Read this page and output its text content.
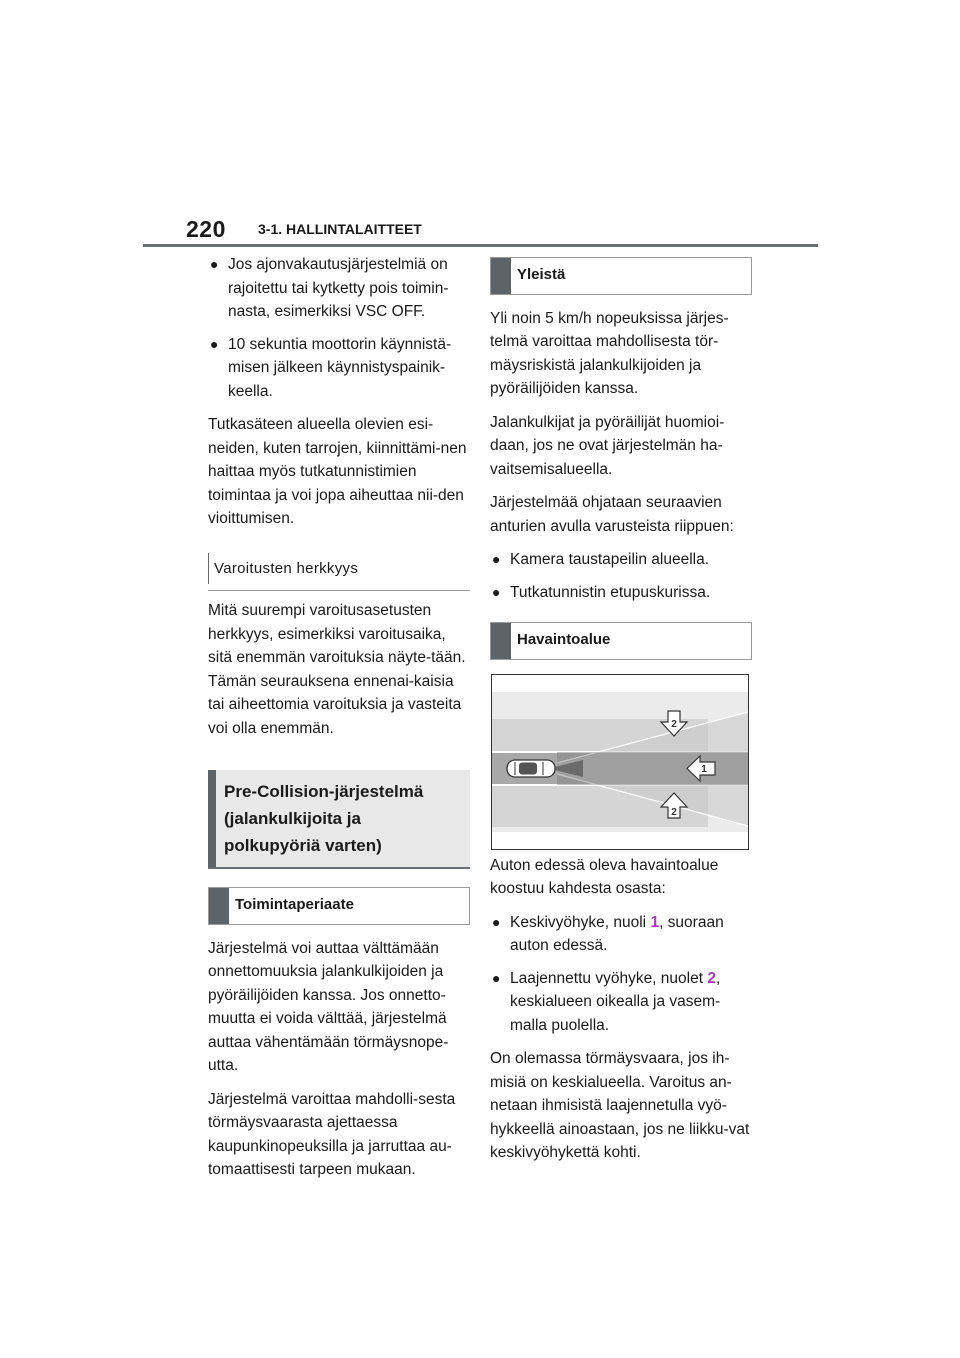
220 3-1. HALLINTALAITTEET
● Jos ajonvakautusjärjestelmiä on rajoitettu tai kytketty pois toimin-nasta, esimerkiksi VSC OFF.
● 10 sekuntia moottorin käynnistä-misen jälkeen käynnistyspainik-keella.

Tutkasäteen alueella olevien esi-neiden, kuten tarrojen, kiinnittämi-nen haittaa myös tutkatunnistimien toimintaa ja voi jopa aiheuttaa nii-den vioittumisen.

Varoitusten herkkyys

Mitä suurempi varoitusasetusten herkkyys, esimerkiksi varoitusaika, sitä enemmän varoituksia näyte-tään. Tämän seurauksena ennenai-kaisia tai aiheettomia varoituksia ja vasteita voi olla enemmän.

Pre-Collision-järjestelmä (jalankulkijoita ja polkupyöriä varten)
Toimintaperiaate

Järjestelmä voi auttaa välttämään onnettomuuksia jalankulkijoiden ja pyöräilijöiden kanssa. Jos onnetto-muutta ei voida välttää, järjestelmä auttaa vähentämään törmäysnope-utta.

Järjestelmä varoittaa mahdolli-sesta törmäysvaarasta ajettaessa kaupunkinopeuksilla ja jarruttaa au-tomaattisesti tarpeen mukaan.

Yleistä

Yli noin 5 km/h nopeuksissa järjes-telmä varoittaa mahdollisesta tör-mäysriskistä jalankulkijoiden ja pyöräilijöiden kanssa.

Jalankulkijat ja pyöräilijät huomioi-daan, jos ne ovat järjestelmän ha-vaitsemisalueella.

Järjestelmää ohjataan seuraavien anturien avulla varusteista riippuen:

● Kamera taustapeilin alueella.
● Tutkatunnistin etupuskurissa.
Havaintoalue
2
1
2

Auton edessä oleva havaintoalue koostuu kahdesta osasta:

● Keskivyöhyke, nuoli 1, suoraan auton edessä.
● Laajennettu vyöhyke, nuolet 2, keskialueen oikealla ja vasem-malla puolella.

On olemassa törmäysvaara, jos ih-misiä on keskialueella. Varoitus an-netaan ihmisistä laajennetulla vyö-hykkeellä ainoastaan, jos ne liikku-vat keskivyöhykettä kohti.
